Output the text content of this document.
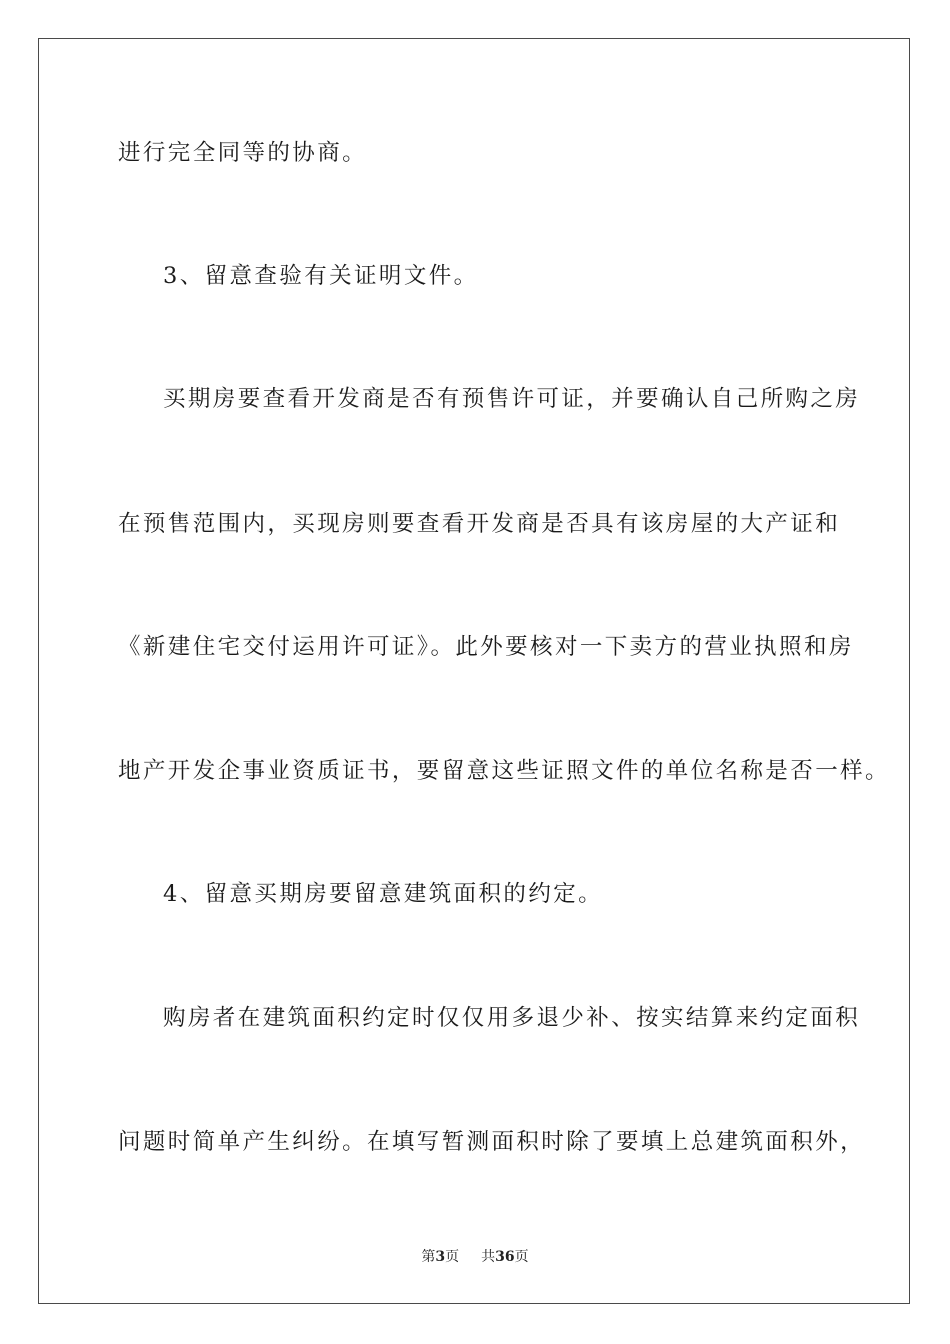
进行完全同等的协商。
3、留意查验有关证明文件。
买期房要查看开发商是否有预售许可证，并要确认自己所购之房
在预售范围内，买现房则要查看开发商是否具有该房屋的大产证和
《新建住宅交付运用许可证》。此外要核对一下卖方的营业执照和房
地产开发企事业资质证书，要留意这些证照文件的单位名称是否一样。
4、留意买期房要留意建筑面积的约定。
购房者在建筑面积约定时仅仅用多退少补、按实结算来约定面积
问题时简单产生纠纷。在填写暂测面积时除了要填上总建筑面积外，
第3页 共36页
